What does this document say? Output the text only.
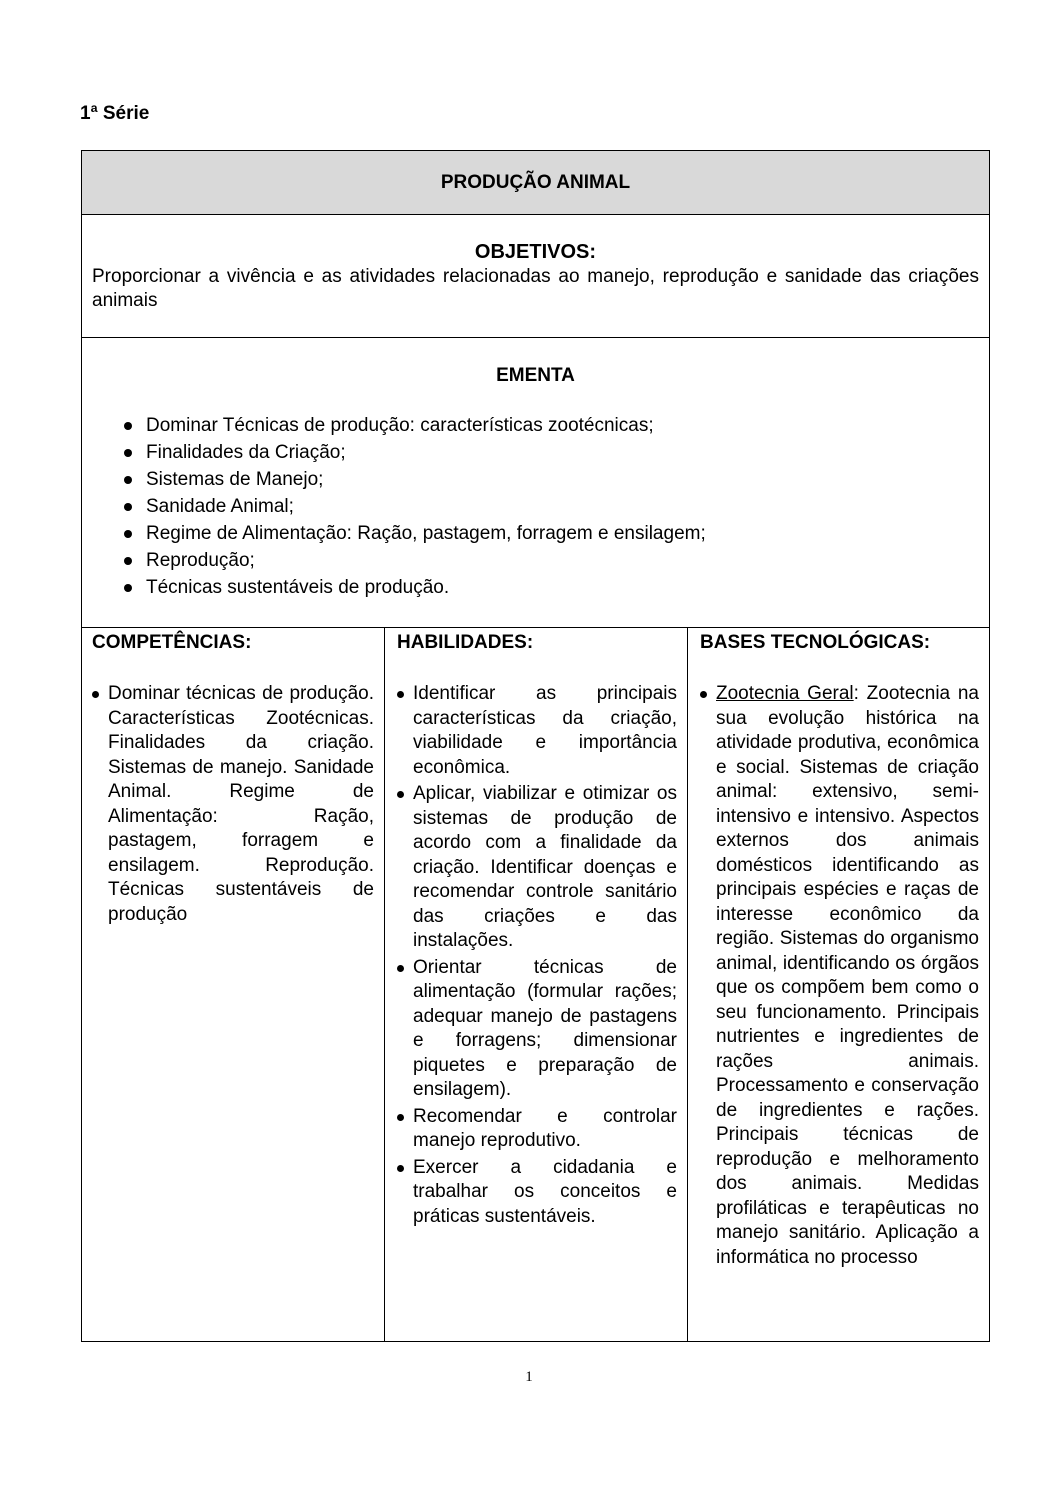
1ª Série
PRODUÇÃO ANIMAL
OBJETIVOS:
Proporcionar a vivência e as atividades relacionadas ao manejo, reprodução e sanidade das criações animais
EMENTA
Dominar Técnicas de produção: características zootécnicas;
Finalidades da Criação;
Sistemas de Manejo;
Sanidade Animal;
Regime de Alimentação: Ração, pastagem, forragem e ensilagem;
Reprodução;
Técnicas sustentáveis de produção.
COMPETÊNCIAS:
Dominar técnicas de produção. Características Zootécnicas. Finalidades da criação. Sistemas de manejo. Sanidade Animal. Regime de Alimentação: Ração, pastagem, forragem e ensilagem. Reprodução. Técnicas sustentáveis de produção
HABILIDADES:
Identificar as principais características da criação, viabilidade e importância econômica.
Aplicar, viabilizar e otimizar os sistemas de produção de acordo com a finalidade da criação. Identificar doenças e recomendar controle sanitário das criações e das instalações.
Orientar técnicas de alimentação (formular rações; adequar manejo de pastagens e forragens; dimensionar piquetes e preparação de ensilagem).
Recomendar e controlar manejo reprodutivo.
Exercer a cidadania e trabalhar os conceitos e práticas sustentáveis.
BASES TECNOLÓGICAS:
Zootecnia Geral: Zootecnia na sua evolução histórica na atividade produtiva, econômica e social. Sistemas de criação animal: extensivo, semi-intensivo e intensivo. Aspectos externos dos animais domésticos identificando as principais espécies e raças de interesse econômico da região. Sistemas do organismo animal, identificando os órgãos que os compõem bem como o seu funcionamento. Principais nutrientes e ingredientes de rações animais. Processamento e conservação de ingredientes e rações. Principais técnicas de reprodução e melhoramento dos animais. Medidas profiláticas e terapêuticas no manejo sanitário. Aplicação a informática no processo
1
